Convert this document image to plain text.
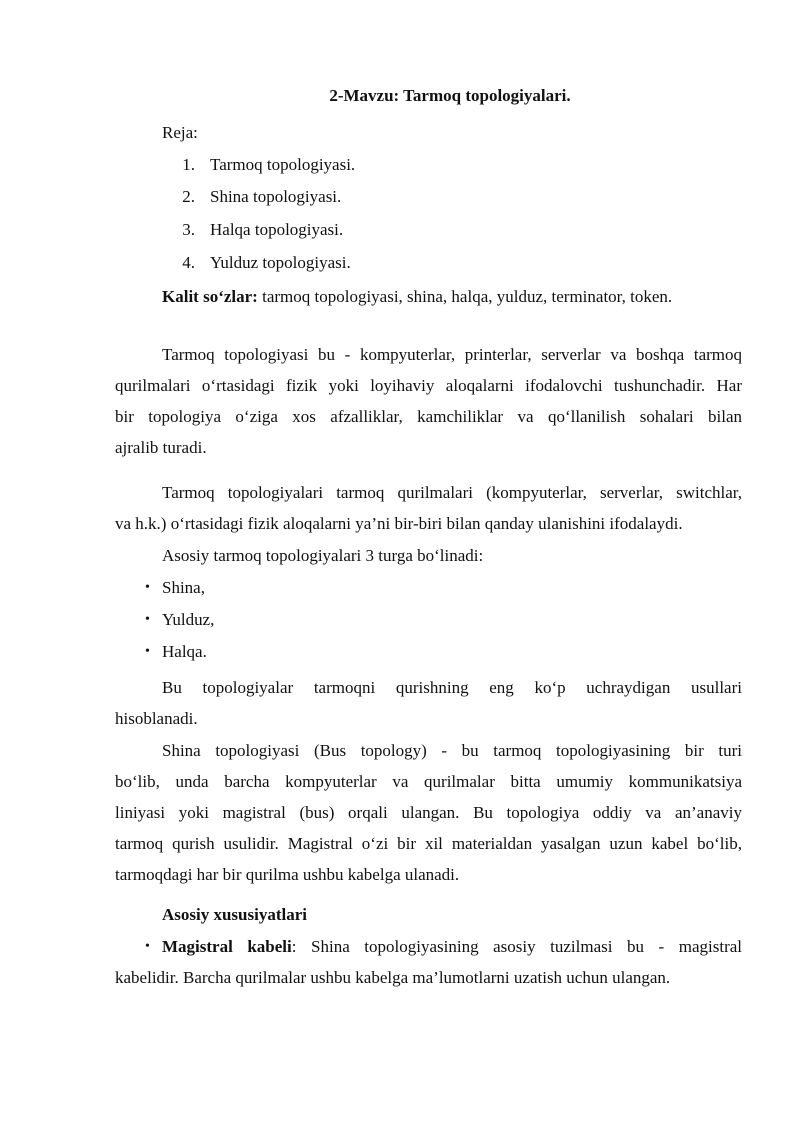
2-Mavzu: Tarmoq topologiyalari.
Reja:
1. Tarmoq topologiyasi.
2. Shina topologiyasi.
3. Halqa topologiyasi.
4. Yulduz topologiyasi.
Kalit so‘zlar: tarmoq topologiyasi, shina, halqa, yulduz, terminator, token.
Tarmoq topologiyasi bu - kompyuterlar, printerlar, serverlar va boshqa tarmoq
qurilmalari o‘rtasidagi fizik yoki loyihaviy aloqalarni ifodalovchi tushunchadir. Har
bir topologiya o‘ziga xos afzalliklar, kamchiliklar va qo‘llanilish sohalari bilan
ajralib turadi.
Tarmoq topologiyalari tarmoq qurilmalari (kompyuterlar, serverlar, switchlar,
va h.k.) o‘rtasidagi fizik aloqalarni ya’ni bir-biri bilan qanday ulanishini ifodalaydi.
Asosiy tarmoq topologiyalari 3 turga bo‘linadi:
• Shina,
• Yulduz,
• Halqa.
Bu topologiyalar tarmoqni qurishning eng ko‘p uchraydigan usullari
hisoblanadi.
Shina topologiyasi (Bus topology) - bu tarmoq topologiyasining bir turi
bo‘lib, unda barcha kompyuterlar va qurilmalar bitta umumiy kommunikatsiya
liniyasi yoki magistral (bus) orqali ulangan. Bu topologiya oddiy va an’anaviy
tarmoq qurish usulidir. Magistral o‘zi bir xil materialdan yasalgan uzun kabel bo‘lib,
tarmoqdagi har bir qurilma ushbu kabelga ulanadi.
Asosiy xususiyatlari
• Magistral kabeli: Shina topologiyasining asosiy tuzilmasi bu - magistral
kabelidir. Barcha qurilmalar ushbu kabelga ma’lumotlarni uzatish uchun ulangan.
